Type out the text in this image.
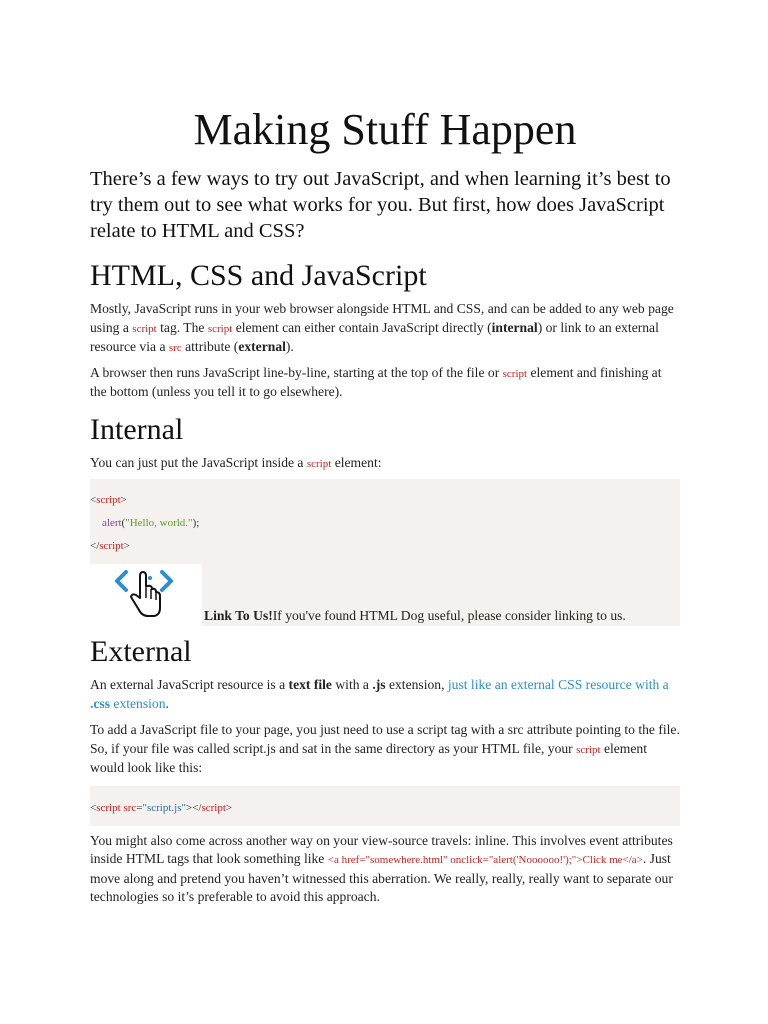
Making Stuff Happen

There’s a few ways to try out JavaScript, and when learning it’s best to try them out to see what works for you. But first, how does JavaScript relate to HTML and CSS?

HTML, CSS and JavaScript

Mostly, JavaScript runs in your web browser alongside HTML and CSS, and can be added to any web page using a script tag. The script element can either contain JavaScript directly (internal) or link to an external resource via a src attribute (external).

A browser then runs JavaScript line-by-line, starting at the top of the file or script element and finishing at the bottom (unless you tell it to go elsewhere).

Internal

You can just put the JavaScript inside a script element:

<script>
alert("Hello, world.");
</script>
Link To Us!If you've found HTML Dog useful, please consider linking to us.
External

An external JavaScript resource is a text file with a .js extension, just like an external CSS resource with a .css extension.

To add a JavaScript file to your page, you just need to use a script tag with a src attribute pointing to the file. So, if your file was called script.js and sat in the same directory as your HTML file, your script element would look like this:

<script src="script.js"></script>

You might also come across another way on your view-source travels: inline. This involves event attributes inside HTML tags that look something like <a href="somewhere.html" onclick="alert('Noooooo!');">Click me</a>. Just move along and pretend you haven’t witnessed this aberration. We really, really, really want to separate our technologies so it’s preferable to avoid this approach.
